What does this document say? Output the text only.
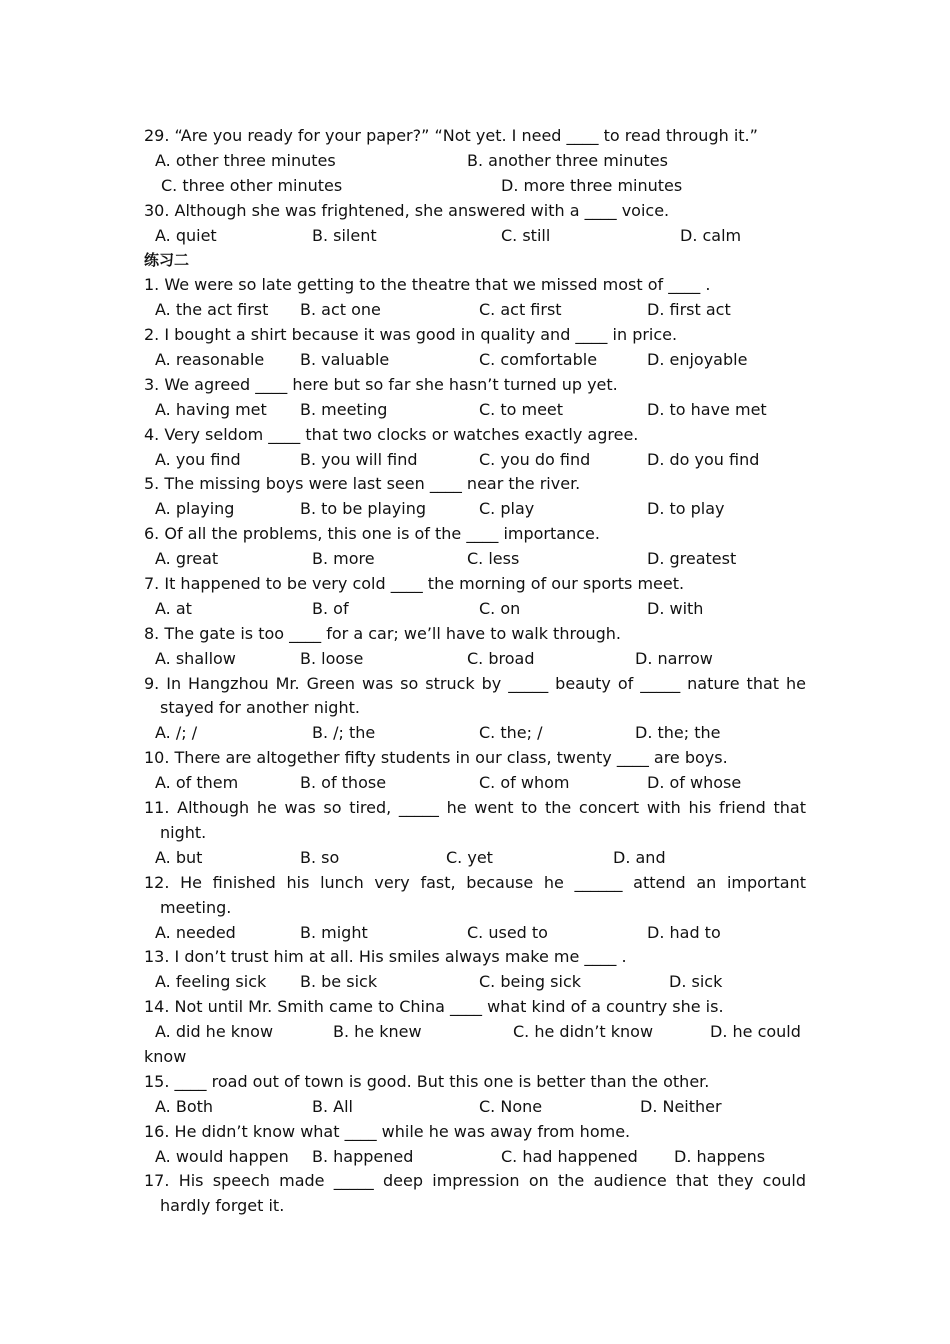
29. “Are you ready for your paper?” “Not yet. I need ____ to read through it.”
A. other three minutes	B. another three minutes
C. three other minutes	D. more three minutes
30. Although she was frightened, she answered with a ____ voice.
A. quiet	B. silent	C. still	D. calm
练习二
1. We were so late getting to the theatre that we missed most of ____ .
A. the act first B. act one	C. act first	D. first act
2. I bought a shirt because it was good in quality and ____ in price.
A. reasonable B. valuable	C. comfortable	D. enjoyable
3. We agreed ____ here but so far she hasn’t turned up yet.
A. having met B. meeting	C. to meet	D. to have met
4. Very seldom ____ that two clocks or watches exactly agree.
A. you find	B. you will find	C. you do find	D. do you find
5. The missing boys were last seen ____ near the river.
A. playing	B. to be playing	C. play	D. to play
6. Of all the problems, this one is of the ____ importance.
A. great	B. more	C. less	D. greatest
7. It happened to be very cold ____ the morning of our sports meet.
A. at	B. of	C. on	D. with
8. The gate is too ____ for a car; we’ll have to walk through.
A. shallow	B. loose	C. broad	D. narrow
9. In Hangzhou Mr. Green was so struck by _____ beauty of _____ nature that he
stayed for another night.
A. /; /	B. /; the	C. the; /	D. the; the
10. There are altogether fifty students in our class, twenty ____ are boys.
A. of them	B. of those	C. of whom	D. of whose
11. Although he was so tired, _____ he went to the concert with his friend that
night.
A. but	B. so	C. yet	D. and
12. He finished his lunch very fast, because he ______ attend an important
meeting.
A. needed	B. might	C. used to	D. had to
13. I don’t trust him at all. His smiles always make me ____ .
A. feeling sick B. be sick	C. being sick	D. sick
14. Not until Mr. Smith came to China ____ what kind of a country she is.
A. did he know	B. he knew	C. he didn’t know	D. he could
know
15. ____ road out of town is good. But this one is better than the other.
A. Both	B. All	C. None	D. Neither
16. He didn’t know what ____ while he was away from home.
A. would happen B. happened	C. had happened D. happens
17. His speech made _____ deep impression on the audience that they could
hardly forget it.
